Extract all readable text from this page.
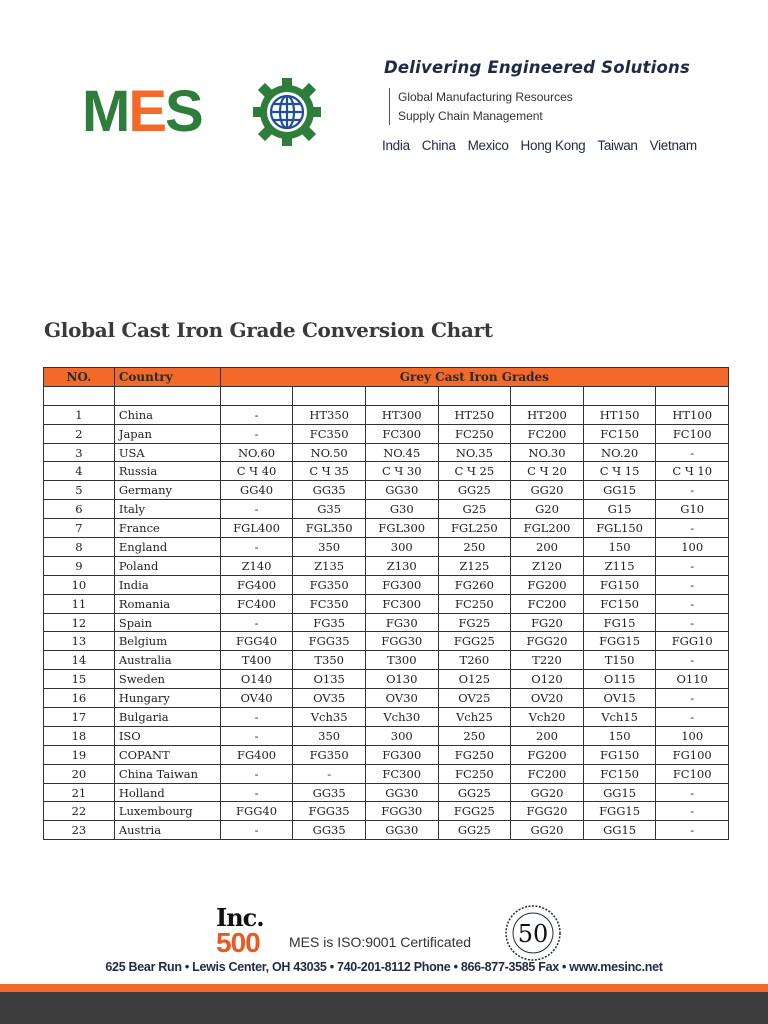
MES
Delivering Engineered Solutions
Global Manufacturing Resources
Supply Chain Management
India China Mexico Hong Kong Taiwan Vietnam
Global Cast Iron Grade Conversion Chart
NO.	Country	Grey Cast Iron Grades						

1	China	-	HT350	HT300	HT250	HT200	HT150	HT100
2	Japan	-	FC350	FC300	FC250	FC200	FC150	FC100
3	USA	NO.60	NO.50	NO.45	NO.35	NO.30	NO.20	-
4	Russia	С Ч 40	С Ч 35	С Ч 30	С Ч 25	С Ч 20	С Ч 15	С Ч 10
5	Germany	GG40	GG35	GG30	GG25	GG20	GG15	-
6	Italy	-	G35	G30	G25	G20	G15	G10
7	France	FGL400	FGL350	FGL300	FGL250	FGL200	FGL150	-
8	England	-	350	300	250	200	150	100
9	Poland	Z140	Z135	Z130	Z125	Z120	Z115	-
10	India	FG400	FG350	FG300	FG260	FG200	FG150	-
11	Romania	FC400	FC350	FC300	FC250	FC200	FC150	-
12	Spain	-	FG35	FG30	FG25	FG20	FG15	-
13	Belgium	FGG40	FGG35	FGG30	FGG25	FGG20	FGG15	FGG10
14	Australia	T400	T350	T300	T260	T220	T150	-
15	Sweden	O140	O135	O130	O125	O120	O115	O110
16	Hungary	OV40	OV35	OV30	OV25	OV20	OV15	-
17	Bulgaria	-	Vch35	Vch30	Vch25	Vch20	Vch15	-
18	ISO	-	350	300	250	200	150	100
19	COPANT	FG400	FG350	FG300	FG250	FG200	FG150	FG100
20	China Taiwan	-	-	FC300	FC250	FC200	FC150	FC100
21	Holland	-	GG35	GG30	GG25	GG20	GG15	-
22	Luxembourg	FGG40	FGG35	FGG30	FGG25	FGG20	FGG15	-
23	Austria	-	GG35	GG30	GG25	GG20	GG15	-
Inc.
500	MES is ISO:9001 Certificated 50
625 Bear Run • Lewis Center, OH 43035 • 740-201-8112 Phone • 866-877-3585 Fax • www.mesinc.net
